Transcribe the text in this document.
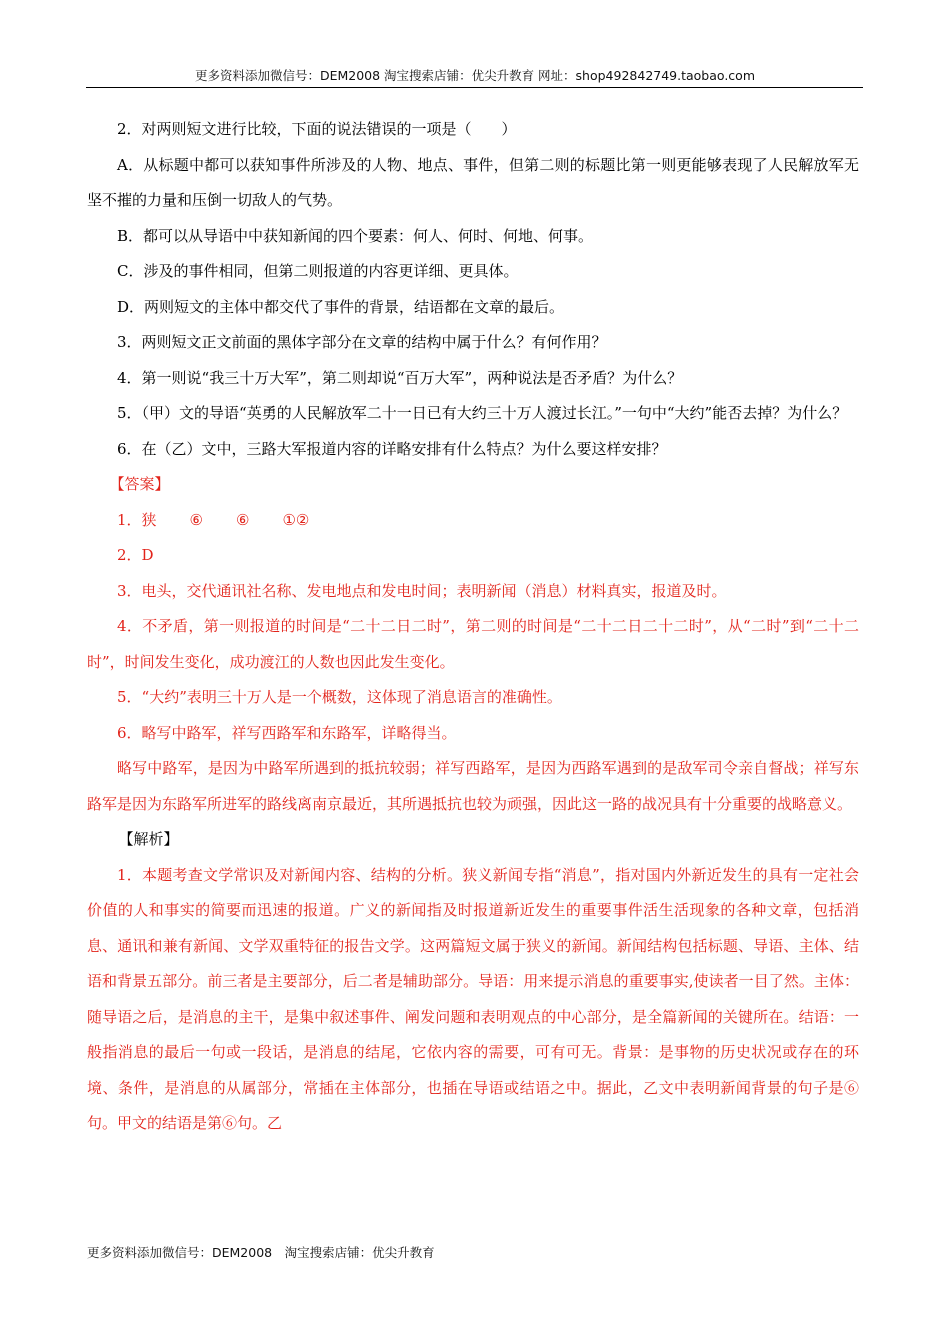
更多资料添加微信号：DEM2008 淘宝搜索店铺：优尖升教育 网址：shop492842749.taobao.com

2．对两则短文进行比较，下面的说法错误的一项是（　　）

A．从标题中都可以获知事件所涉及的人物、地点、事件，但第二则的标题比第一则更能够表现了人民解放军无坚不摧的力量和压倒一切敌人的气势。

B．都可以从导语中中获知新闻的四个要素：何人、何时、何地、何事。

C．涉及的事件相同，但第二则报道的内容更详细、更具体。

D．两则短文的主体中都交代了事件的背景，结语都在文章的最后。

3．两则短文正文前面的黑体字部分在文章的结构中属于什么？有何作用？

4．第一则说“我三十万大军”，第二则却说“百万大军”，两种说法是否矛盾？为什么？

5．（甲）文的导语“英勇的人民解放军二十一日已有大约三十万人渡过长江。”一句中“大约”能否去掉？为什么？

6．在（乙）文中，三路大军报道内容的详略安排有什么特点？为什么要这样安排？

【答案】

1．狭 ⑥ ⑥ ①②

2．D

3．电头，交代通讯社名称、发电地点和发电时间；表明新闻（消息）材料真实，报道及时。

4．不矛盾，第一则报道的时间是“二十二日二时”，第二则的时间是“二十二日二十二时”，从“二时”到“二十二时”，时间发生变化，成功渡江的人数也因此发生变化。

5．“大约”表明三十万人是一个概数，这体现了消息语言的准确性。

6．略写中路军，祥写西路军和东路军，详略得当。

略写中路军，是因为中路军所遇到的抵抗较弱；祥写西路军，是因为西路军遇到的是敌军司令亲自督战；祥写东路军是因为东路军所进军的路线离南京最近，其所遇抵抗也较为顽强，因此这一路的战况具有十分重要的战略意义。

【解析】

1．本题考查文学常识及对新闻内容、结构的分析。狭义新闻专指“消息”，指对国内外新近发生的具有一定社会价值的人和事实的简要而迅速的报道。广义的新闻指及时报道新近发生的重要事件活生活现象的各种文章，包括消息、通讯和兼有新闻、文学双重特征的报告文学。这两篇短文属于狭义的新闻。新闻结构包括标题、导语、主体、结语和背景五部分。前三者是主要部分，后二者是辅助部分。导语：用来提示消息的重要事实,使读者一目了然。主体：随导语之后，是消息的主干，是集中叙述事件、阐发问题和表明观点的中心部分，是全篇新闻的关键所在。结语：一般指消息的最后一句或一段话，是消息的结尾，它依内容的需要，可有可无。背景：是事物的历史状况或存在的环境、条件，是消息的从属部分，常插在主体部分，也插在导语或结语之中。据此，乙文中表明新闻背景的句子是⑥句。甲文的结语是第⑥句。乙

更多资料添加微信号：DEM2008　淘宝搜索店铺：优尖升教育
